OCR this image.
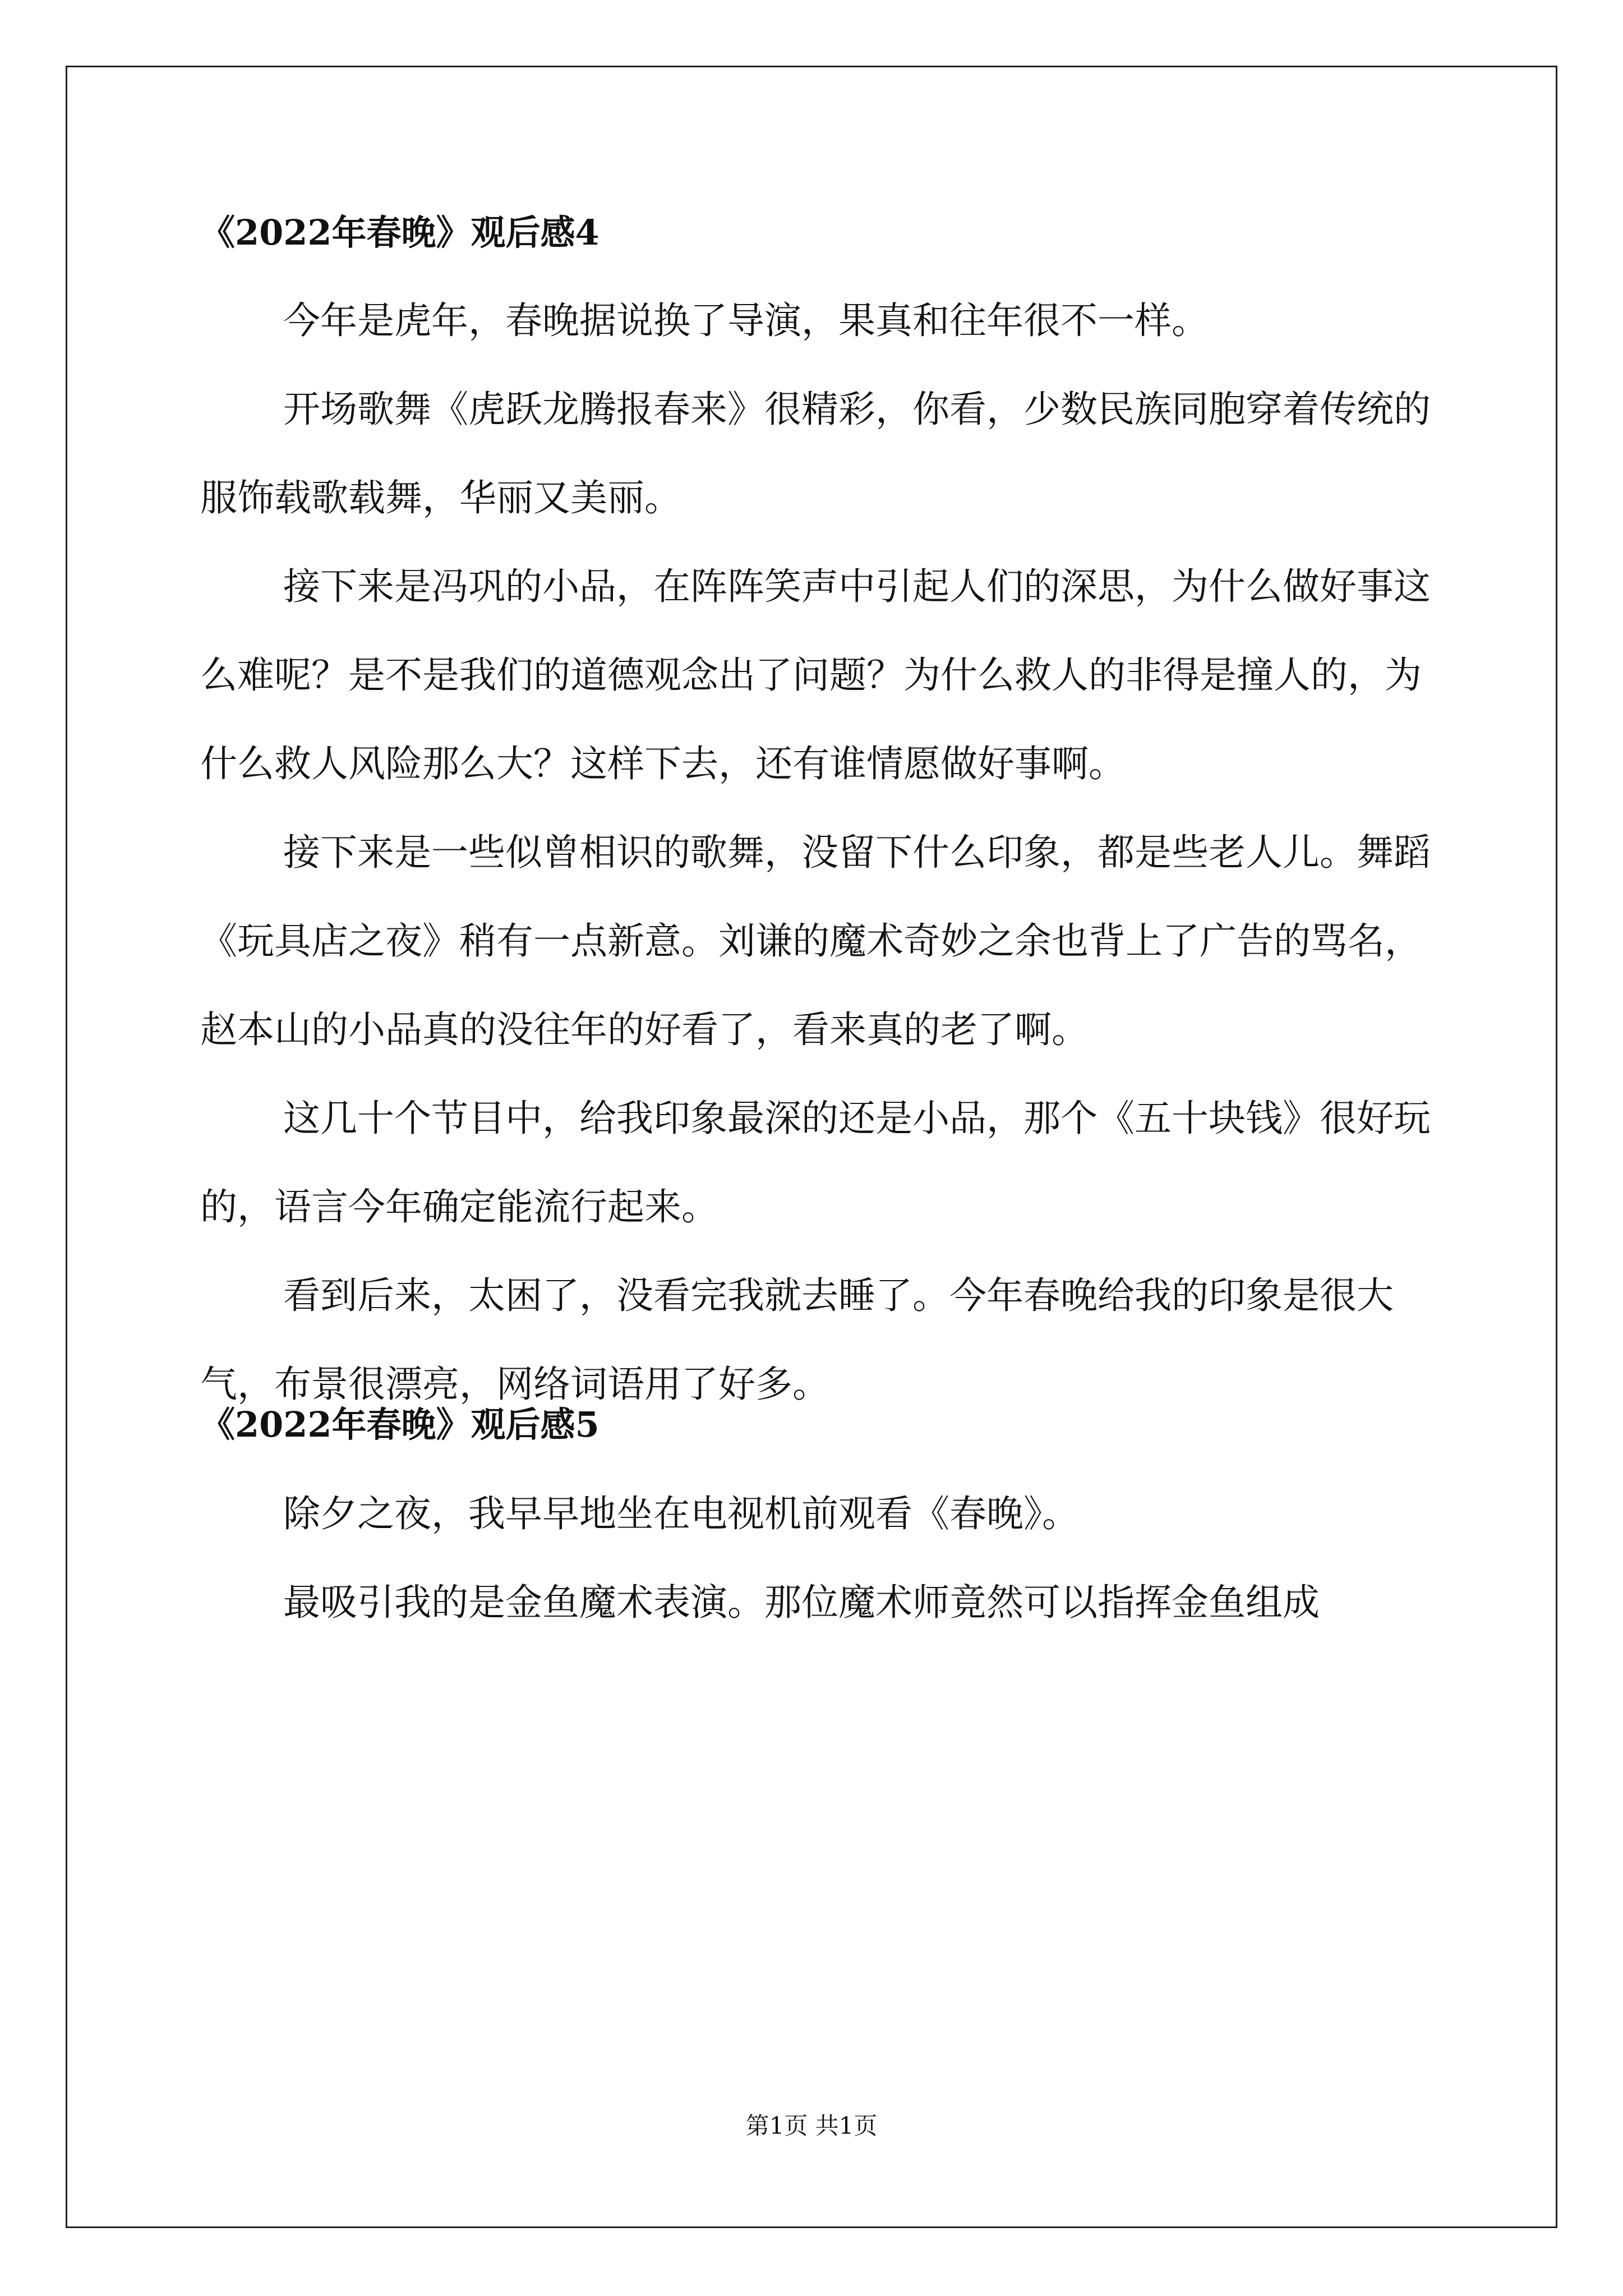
《2022年春晚》观后感4

今年是虎年，春晚据说换了导演，果真和往年很不一样。

开场歌舞《虎跃龙腾报春来》很精彩，你看，少数民族同胞穿着传统的服饰载歌载舞，华丽又美丽。

接下来是冯巩的小品，在阵阵笑声中引起人们的深思，为什么做好事这么难呢？是不是我们的道德观念出了问题？为什么救人的非得是撞人的，为什么救人风险那么大？这样下去，还有谁情愿做好事啊。

接下来是一些似曾相识的歌舞，没留下什么印象，都是些老人儿。舞蹈 《玩具店之夜》稍有一点新意。刘谦的魔术奇妙之余也背上了广告的骂名，赵本山的小品真的没往年的好看了，看来真的老了啊。

这几十个节目中，给我印象最深的还是小品，那个《五十块钱》很好玩的，语言今年确定能流行起来。

看到后来，太困了，没看完我就去睡了。今年春晚给我的印象是很大气，布景很漂亮，网络词语用了好多。

《2022年春晚》观后感5

除夕之夜，我早早地坐在电视机前观看《春晚》。

最吸引我的是金鱼魔术表演。那位魔术师竟然可以指挥金鱼组成

第1页 共1页
